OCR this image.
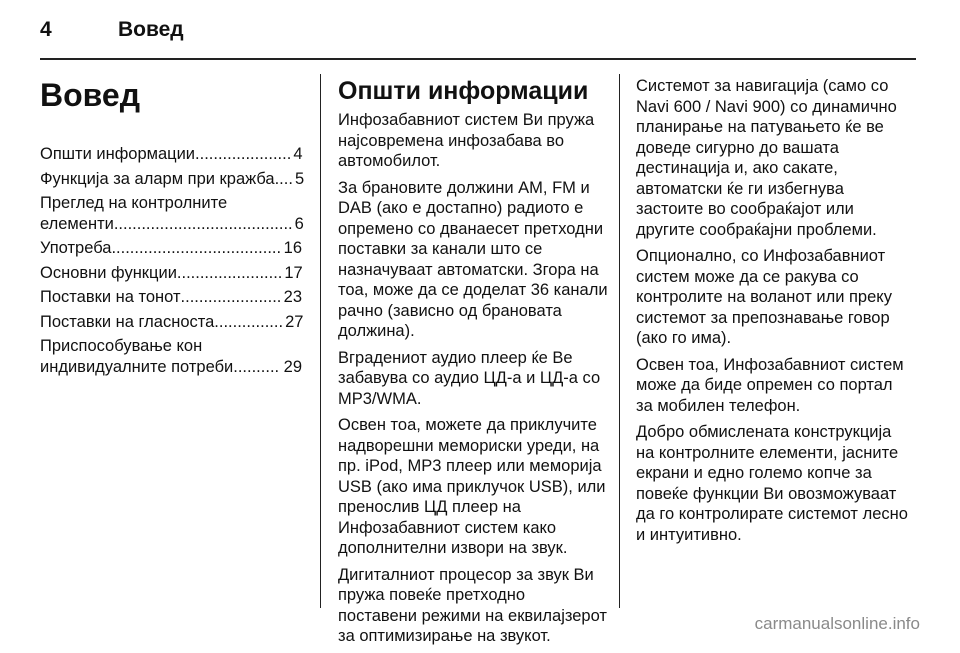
4	Вовед
Вовед
Општи информации ..................... 4
Функција за аларм при кражба .... 5
Преглед на контролните
елементи ....................................... 6
Употреба ..................................... 16
Основни функции ....................... 17
Поставки на тонот ...................... 23
Поставки на гласноста ............... 27
Приспособување кон
индивидуалните потреби .......... 29
Општи информации

Инфозабавниот систем Ви пружа најсовремена инфозабава во автомобилот.

За брановите должини AM, FM и DAB (ако е достапно) радиото е опремено со дванаесет претходни поставки за канали што се назначуваат автоматски. Згора на тоа, може да се доделат 36 канали рачно (зависно од брановата должина).

Вградениот аудио плеер ќе Ве забавува со аудио ЦД-а и ЦД-а со MP3/WMA.

Освен тоа, можете да приклучите надворешни мемориски уреди, на пр. iPod, MP3 плеер или меморија USB (ако има приклучок USB), или пренослив ЦД плеер на Инфозабавниот систем како дополнителни извори на звук.

Дигиталниот процесор за звук Ви пружа повеќе претходно поставени режими на еквилајзерот за оптимизирање на звукот.

Системот за навигација (само со Navi 600 / Navi 900) со динамично планирање на патувањето ќе ве доведе сигурно до вашата дестинација и, ако сакате, автоматски ќе ги избегнува застоите во сообраќајот или другите сообраќајни проблеми.

Опционално, со Инфозабавниот систем може да се ракува со контролите на воланот или преку системот за препознавање говор (ако го има).

Освен тоа, Инфозабавниот систем може да биде опремен со портал за мобилен телефон.

Добро обмислената конструкција на контролните елементи, јасните екрани и едно големо копче за повеќе функции Ви овозможуваат да го контролирате системот лесно и интуитивно.

carmanualsonline.info
